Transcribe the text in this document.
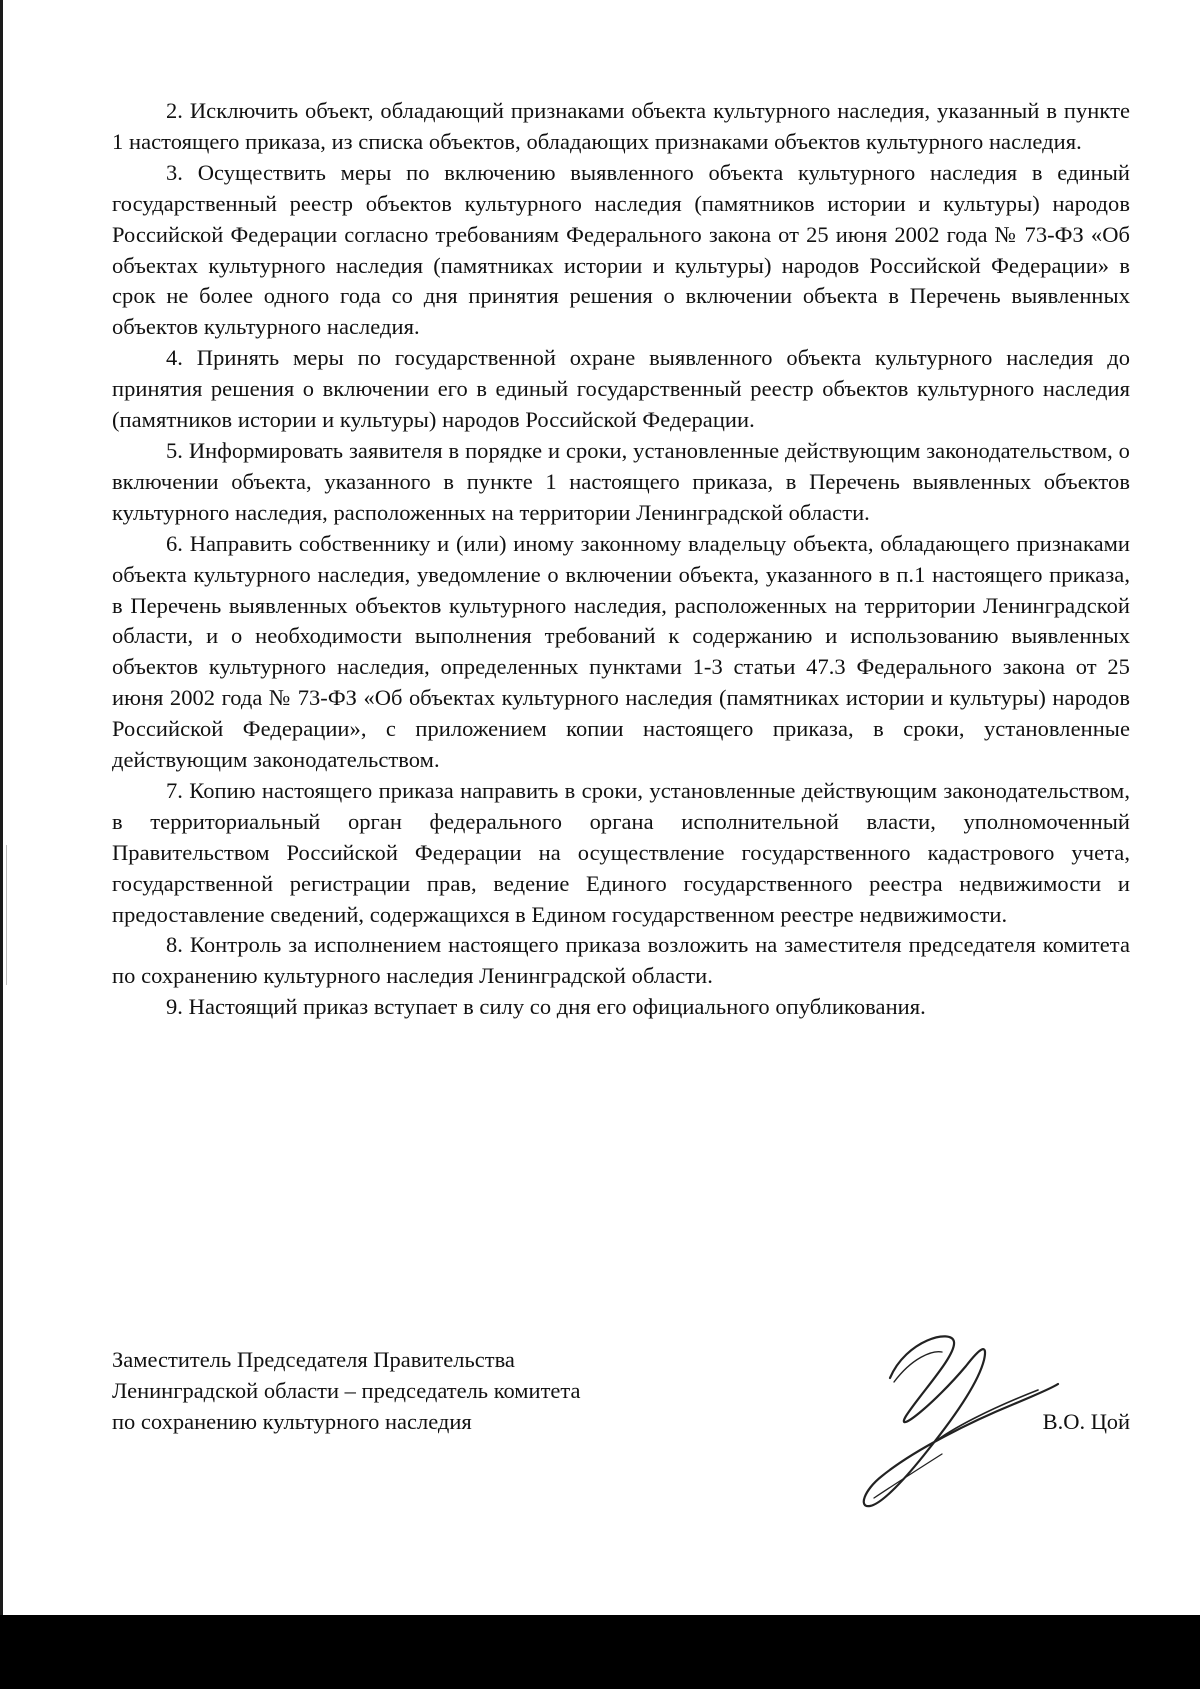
2. Исключить объект, обладающий признаками объекта культурного наследия, указанный в пункте 1 настоящего приказа, из списка объектов, обладающих признаками объектов культурного наследия.

3. Осуществить меры по включению выявленного объекта культурного наследия в единый государственный реестр объектов культурного наследия (памятников истории и культуры) народов Российской Федерации согласно требованиям Федерального закона от 25 июня 2002 года № 73-ФЗ «Об объектах культурного наследия (памятниках истории и культуры) народов Российской Федерации» в срок не более одного года со дня принятия решения о включении объекта в Перечень выявленных объектов культурного наследия.

4. Принять меры по государственной охране выявленного объекта культурного наследия до принятия решения о включении его в единый государственный реестр объектов культурного наследия (памятников истории и культуры) народов Российской Федерации.

5. Информировать заявителя в порядке и сроки, установленные действующим законодательством, о включении объекта, указанного в пункте 1 настоящего приказа, в Перечень выявленных объектов культурного наследия, расположенных на территории Ленинградской области.

6. Направить собственнику и (или) иному законному владельцу объекта, обладающего признаками объекта культурного наследия, уведомление о включении объекта, указанного в п.1 настоящего приказа, в Перечень выявленных объектов культурного наследия, расположенных на территории Ленинградской области, и о необходимости выполнения требований к содержанию и использованию выявленных объектов культурного наследия, определенных пунктами 1-3 статьи 47.3 Федерального закона от 25 июня 2002 года № 73-ФЗ «Об объектах культурного наследия (памятниках истории и культуры) народов Российской Федерации», с приложением копии настоящего приказа, в сроки, установленные действующим законодательством.

7. Копию настоящего приказа направить в сроки, установленные действующим законодательством, в территориальный орган федерального органа исполнительной власти, уполномоченный Правительством Российской Федерации на осуществление государственного кадастрового учета, государственной регистрации прав, ведение Единого государственного реестра недвижимости и предоставление сведений, содержащихся в Едином государственном реестре недвижимости.

8. Контроль за исполнением настоящего приказа возложить на заместителя председателя комитета по сохранению культурного наследия Ленинградской области.

9. Настоящий приказ вступает в силу со дня его официального опубликования.

Заместитель Председателя Правительства
Ленинградской области – председатель комитета
по сохранению культурного наследия	В.О. Цой
